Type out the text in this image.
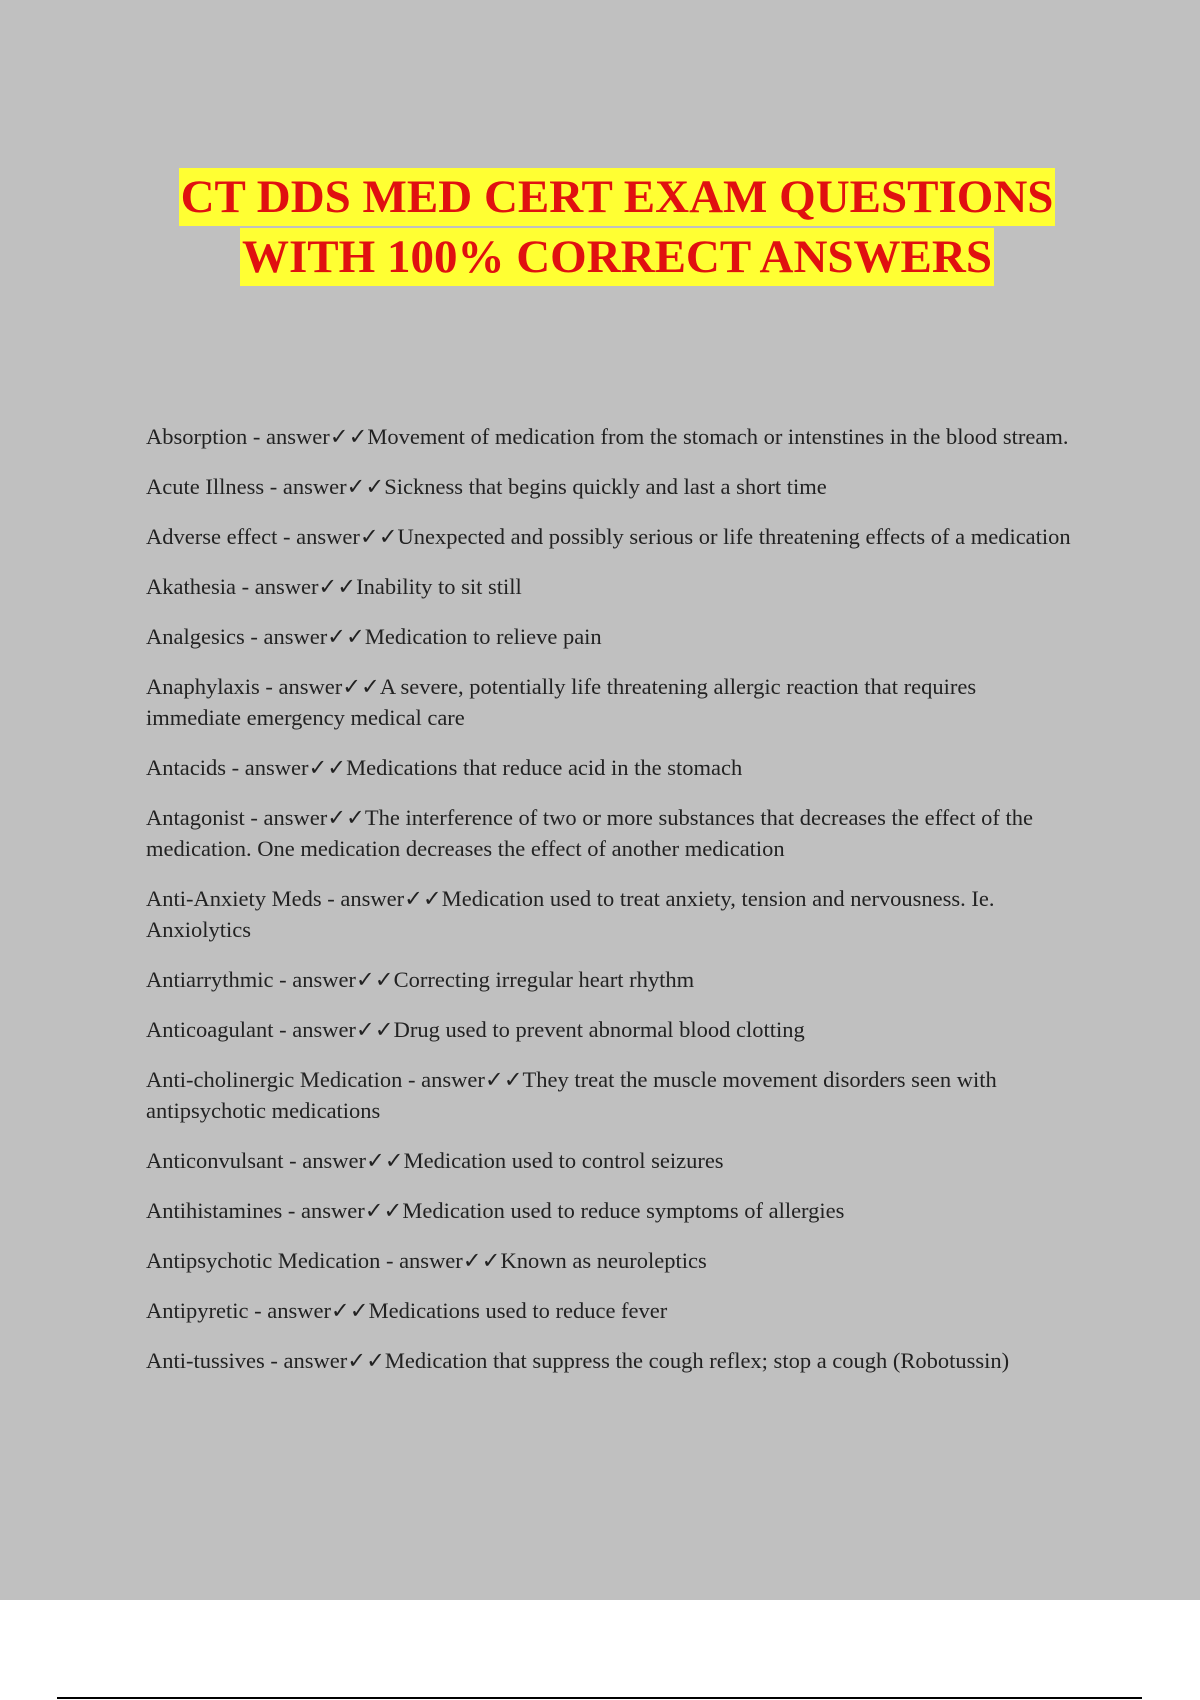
CT DDS MED CERT EXAM QUESTIONS
WITH 100% CORRECT ANSWERS

Absorption - answer✓✓Movement of medication from the stomach or intenstines in the blood stream.

Acute Illness - answer✓✓Sickness that begins quickly and last a short time

Adverse effect - answer✓✓Unexpected and possibly serious or life threatening effects of a medication

Akathesia - answer✓✓Inability to sit still

Analgesics - answer✓✓Medication to relieve pain

Anaphylaxis - answer✓✓A severe, potentially life threatening allergic reaction that requires immediate emergency medical care

Antacids - answer✓✓Medications that reduce acid in the stomach

Antagonist - answer✓✓The interference of two or more substances that decreases the effect of the medication. One medication decreases the effect of another medication

Anti-Anxiety Meds - answer✓✓Medication used to treat anxiety, tension and nervousness. Ie. Anxiolytics

Antiarrythmic - answer✓✓Correcting irregular heart rhythm

Anticoagulant - answer✓✓Drug used to prevent abnormal blood clotting

Anti-cholinergic Medication - answer✓✓They treat the muscle movement disorders seen with antipsychotic medications

Anticonvulsant - answer✓✓Medication used to control seizures

Antihistamines - answer✓✓Medication used to reduce symptoms of allergies

Antipsychotic Medication - answer✓✓Known as neuroleptics

Antipyretic - answer✓✓Medications used to reduce fever

Anti-tussives - answer✓✓Medication that suppress the cough reflex; stop a cough (Robotussin)
